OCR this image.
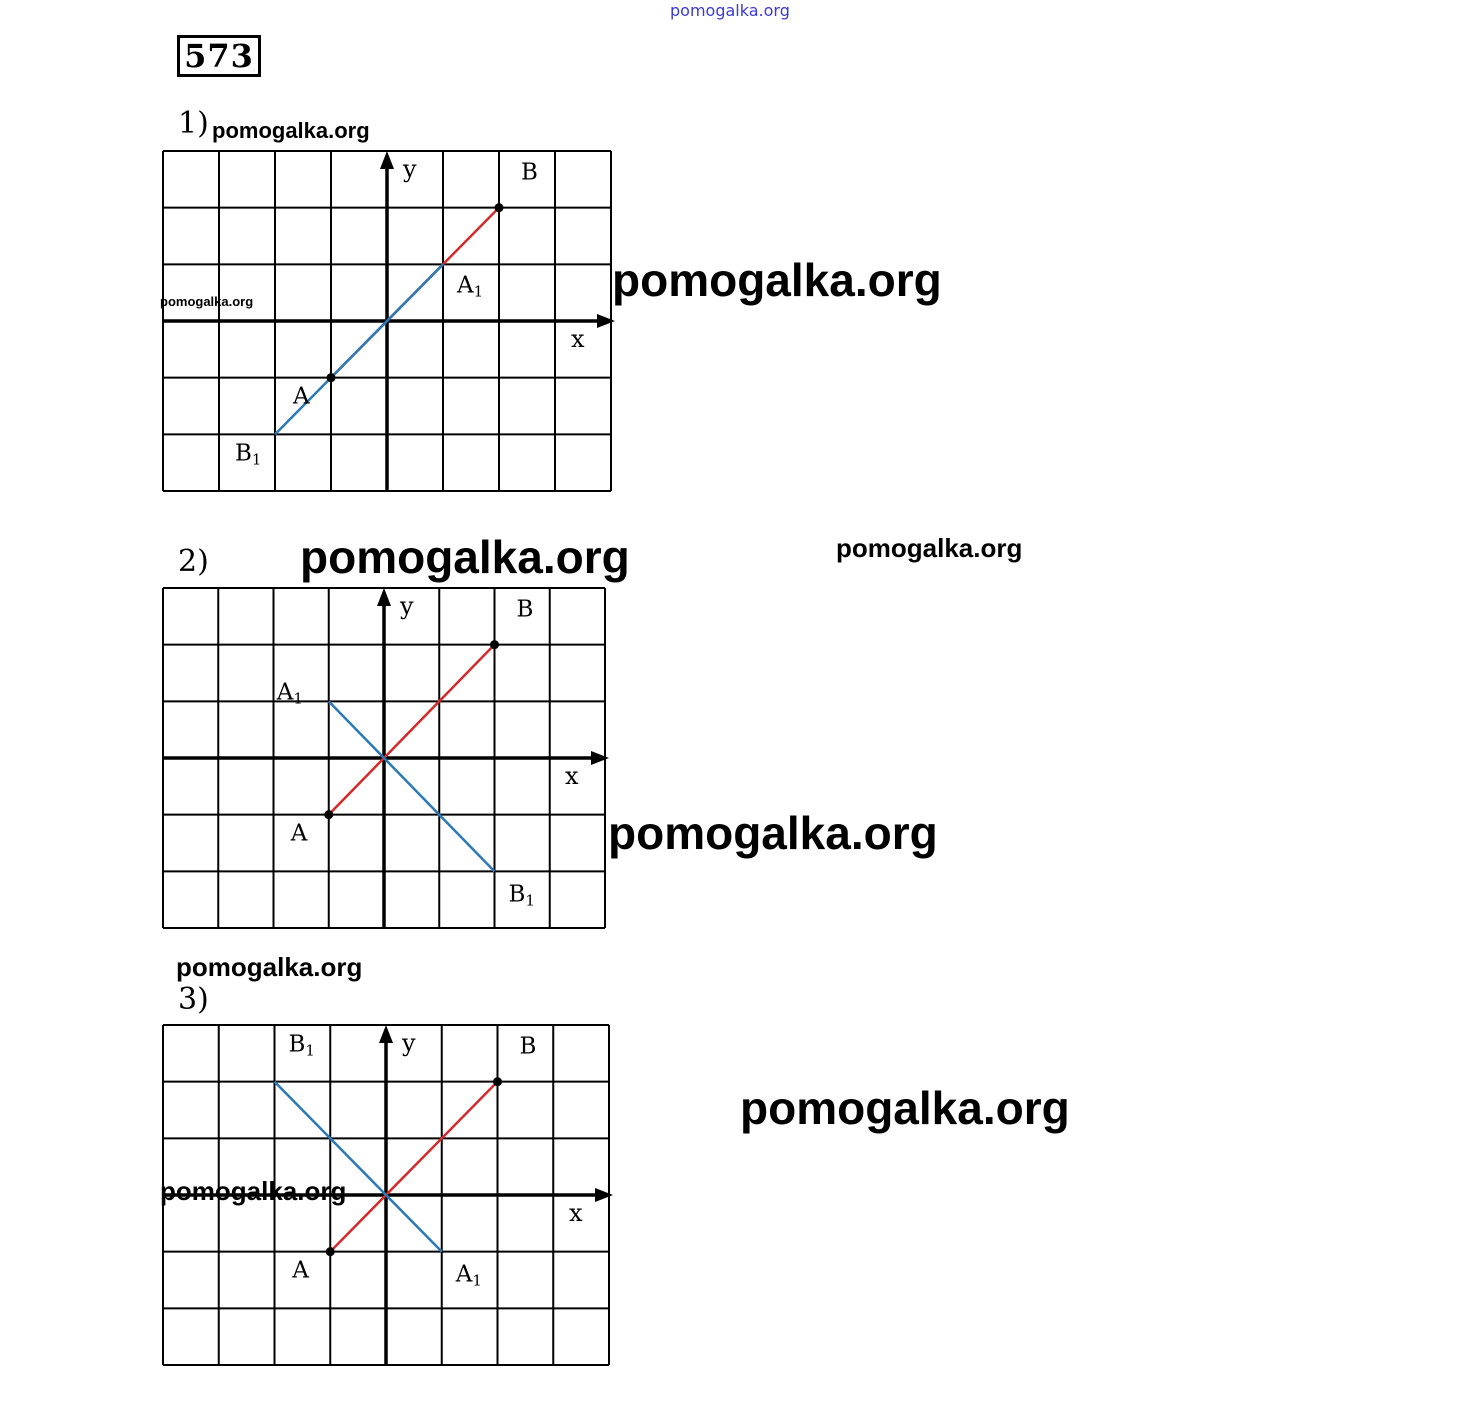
pomogalka.org
573
1)
2)
3)
x
y
A
B
A1
B1
x
y
A
B
A1
B1
x
y
A
B
A1
B1
pomogalka.org
pomogalka.org
pomogalka.org
pomogalka.org	pomogalka.org
pomogalka.org
pomogalka.org
pomogalka.org
pomogalka.org
